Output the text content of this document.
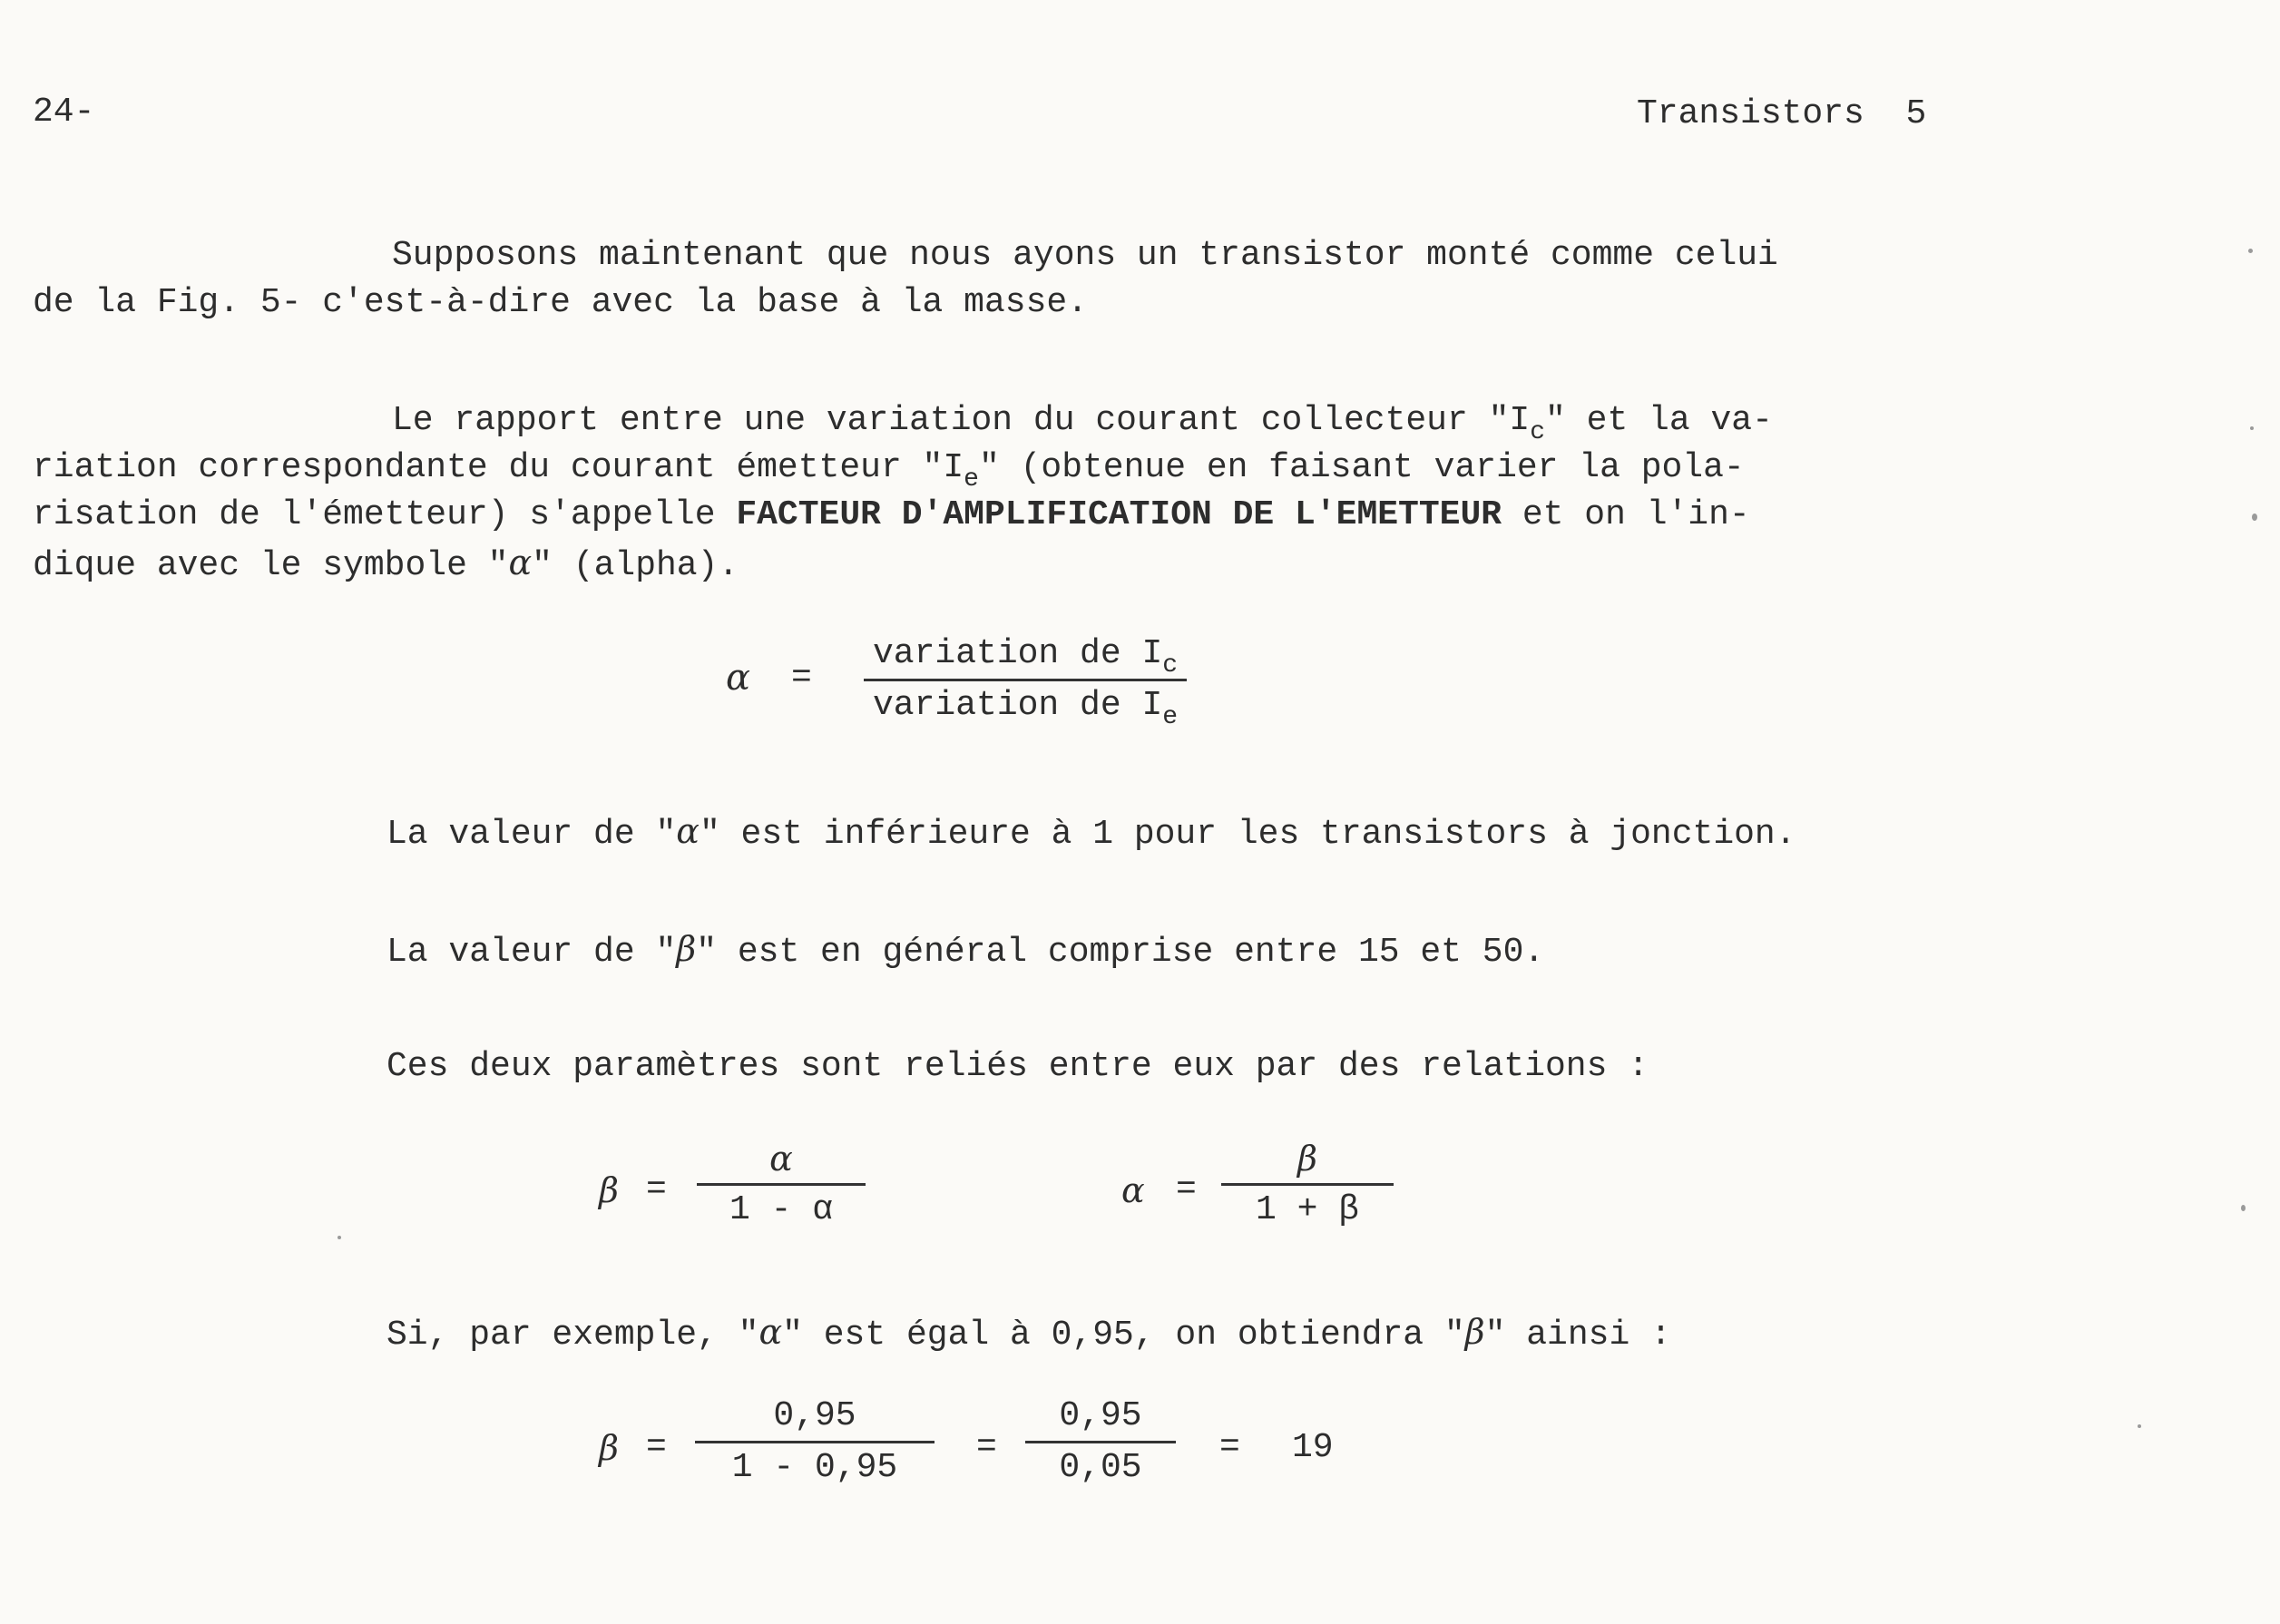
24-	Transistors 5
Supposons maintenant que nous ayons un transistor monté comme celui
de la Fig. 5- c'est-à-dire avec la base à la masse.
Le rapport entre une variation du courant collecteur "$I_c$" et la va-
riation correspondante du courant émetteur "$I_e$" (obtenue en faisant varier la pola-
risation de l'émetteur) s'appelle FACTEUR D'AMPLIFICATION DE L'EMETTEUR et on l'in-
dique avec le symbole "α" (alpha).
α =
variation de $I_c$
variation de $I_e$
La valeur de "α" est inférieure à 1 pour les transistors à jonction.
La valeur de "β" est en général comprise entre 15 et 50.
Ces deux paramètres sont reliés entre eux par des relations :
β =
α
1 - α	α =
β
1 + β
Si, par exemple, "α" est égal à 0,95, on obtiendra "β" ainsi :
β =
0,95
1 - 0,95
=
0,95
0,05
= 19
